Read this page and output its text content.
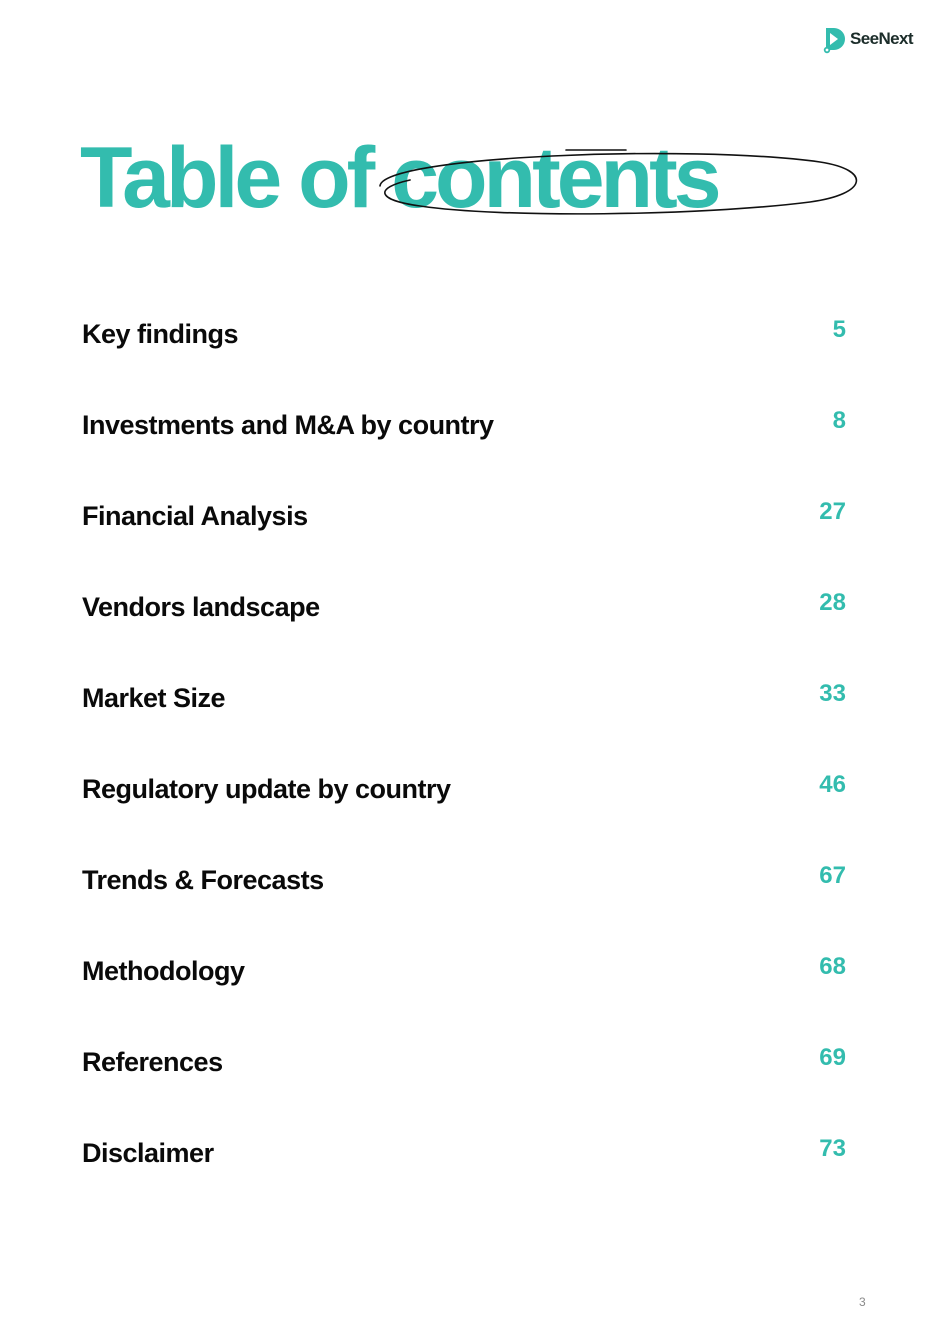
SeeNext
Table of contents
Key findings	5
Investments and M&A by country	8
Financial Analysis	27
Vendors landscape	28
Market Size	33
Regulatory update by country	46
Trends & Forecasts	67
Methodology	68
References	69
Disclaimer	73
3
